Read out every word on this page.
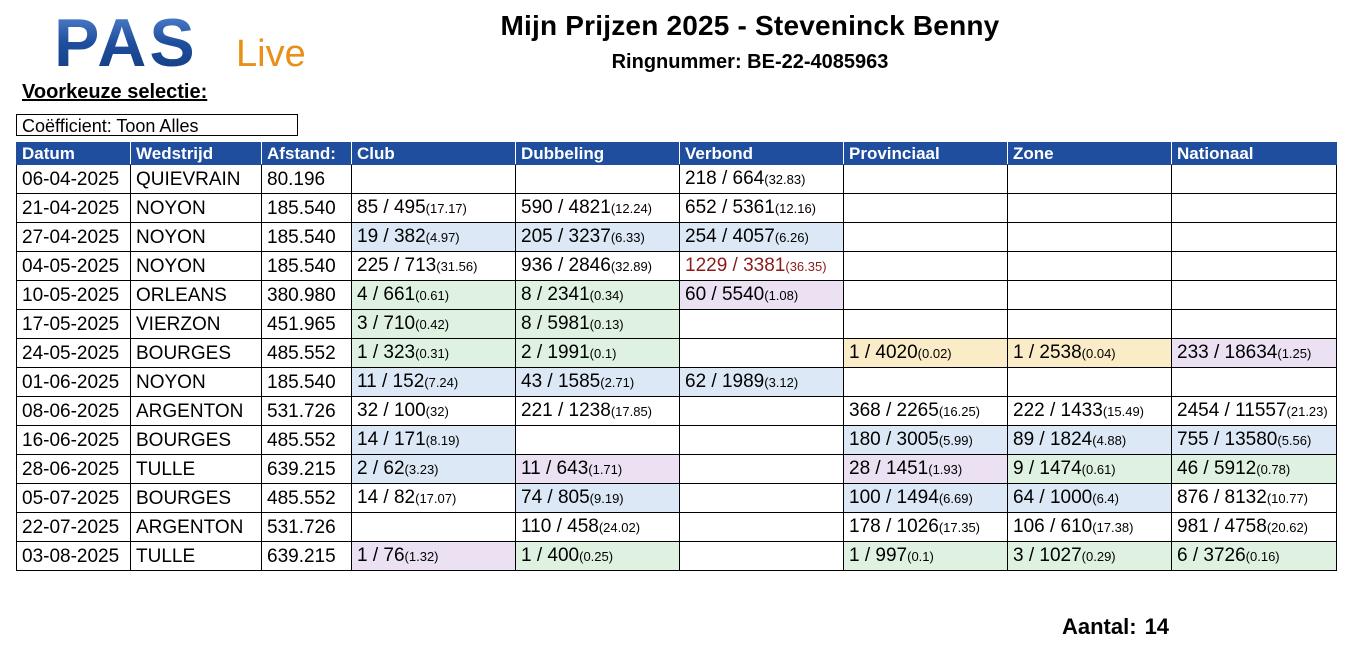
PAS Live
Mijn Prijzen 2025 - Steveninck Benny
Ringnummer: BE-22-4085963
Voorkeuze selectie:
Coëfficient: Toon Alles
Datum	Wedstrijd	Afstand:	Club	Dubbeling	Verbond	Provinciaal	Zone	Nationaal
06-04-2025	QUIEVRAIN	80.196			218 / 664(32.83)			
21-04-2025	NOYON	185.540	85 / 495(17.17)	590 / 4821(12.24)	652 / 5361(12.16)			
27-04-2025	NOYON	185.540	19 / 382(4.97)	205 / 3237(6.33)	254 / 4057(6.26)			
04-05-2025	NOYON	185.540	225 / 713(31.56)	936 / 2846(32.89)	1229 / 3381(36.35)			
10-05-2025	ORLEANS	380.980	4 / 661(0.61)	8 / 2341(0.34)	60 / 5540(1.08)			
17-05-2025	VIERZON	451.965	3 / 710(0.42)	8 / 5981(0.13)				
24-05-2025	BOURGES	485.552	1 / 323(0.31)	2 / 1991(0.1)		1 / 4020(0.02)	1 / 2538(0.04)	233 / 18634(1.25)
01-06-2025	NOYON	185.540	11 / 152(7.24)	43 / 1585(2.71)	62 / 1989(3.12)			
08-06-2025	ARGENTON	531.726	32 / 100(32)	221 / 1238(17.85)		368 / 2265(16.25)	222 / 1433(15.49)	2454 / 11557(21.23)
16-06-2025	BOURGES	485.552	14 / 171(8.19)			180 / 3005(5.99)	89 / 1824(4.88)	755 / 13580(5.56)
28-06-2025	TULLE	639.215	2 / 62(3.23)	11 / 643(1.71)		28 / 1451(1.93)	9 / 1474(0.61)	46 / 5912(0.78)
05-07-2025	BOURGES	485.552	14 / 82(17.07)	74 / 805(9.19)		100 / 1494(6.69)	64 / 1000(6.4)	876 / 8132(10.77)
22-07-2025	ARGENTON	531.726		110 / 458(24.02)		178 / 1026(17.35)	106 / 610(17.38)	981 / 4758(20.62)
03-08-2025	TULLE	639.215	1 / 76(1.32)	1 / 400(0.25)		1 / 997(0.1)	3 / 1027(0.29)	6 / 3726(0.16)
Aantal: 14
